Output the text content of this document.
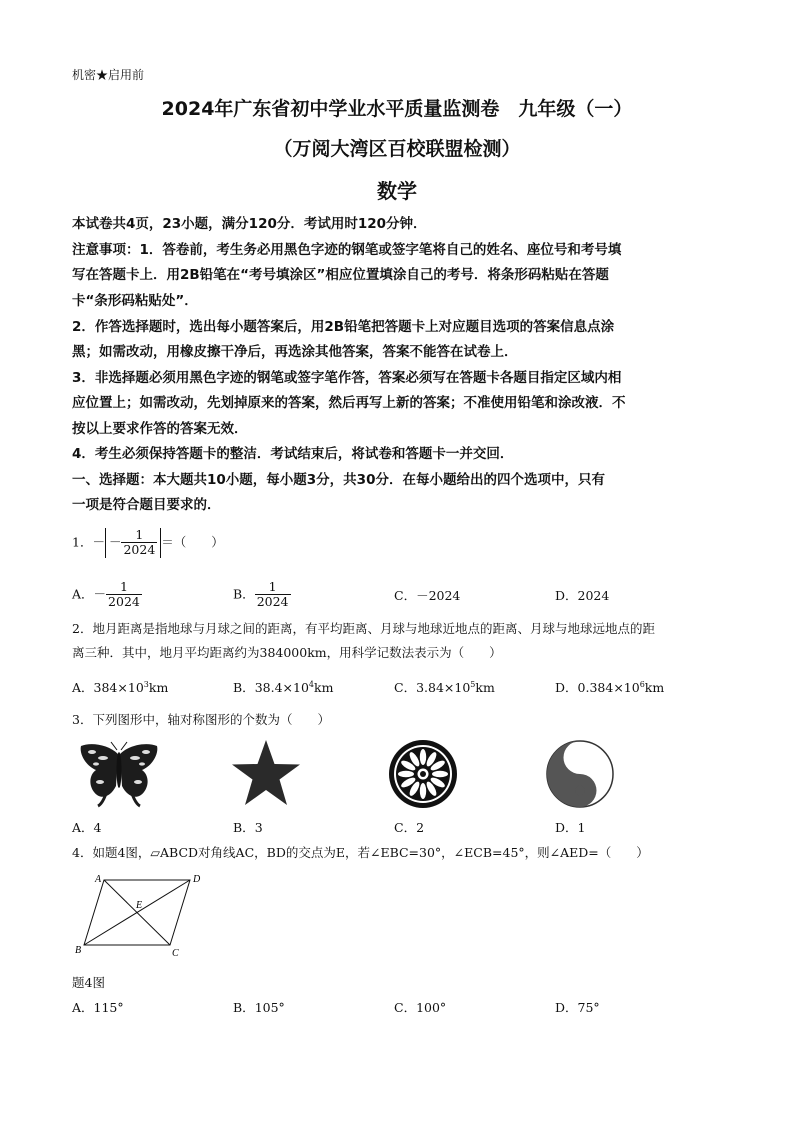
机密★启用前
2024年广东省初中学业水平质量监测卷　九年级（一）
（万阅大湾区百校联盟检测）
数学
本试卷共4页，23小题，满分120分．考试用时120分钟．
注意事项：1．答卷前，考生务必用黑色字迹的钢笔或签字笔将自己的姓名、座位号和考号填
写在答题卡上．用2B铅笔在“考号填涂区”相应位置填涂自己的考号．将条形码粘贴在答题
卡“条形码粘贴处”．
2．作答选择题时，选出每小题答案后，用2B铅笔把答题卡上对应题目选项的答案信息点涂
黑；如需改动，用橡皮擦干净后，再选涂其他答案，答案不能答在试卷上．
3．非选择题必须用黑色字迹的钢笔或签字笔作答，答案必须写在答题卡各题目指定区域内相
应位置上；如需改动，先划掉原来的答案，然后再写上新的答案；不准使用铅笔和涂改液．不
按以上要求作答的答案无效．
4．考生必须保持答题卡的整洁．考试结束后，将试卷和答题卡一并交回．
一、选择题：本大题共10小题，每小题3分，共30分．在每小题给出的四个选项中，只有
一项是符合题目要求的．
1．－ － $\frac{1}{2024}$ ＝（　　）
A．－ $\frac{1}{2024}$	B． $\frac{1}{2024}$	C．－2024	D．2024
2．地月距离是指地球与月球之间的距离，有平均距离、月球与地球近地点的距离、月球与地球远地点的距
离三种．其中，地月平均距离约为384000km，用科学记数法表示为（　　）
A．$384\times 10^3km$	B．$38.4\times 10^4km$	C．$3.84\times 10^5km$	D．$0.384\times 10^6km$
3．下列图形中，轴对称图形的个数为（　　）
A．4	B．3	C．2	D．1
4．如题4图，▱ABCD对角线AC，BD的交点为E，若∠EBC=30°，∠ECB=45°，则∠AED=（　　）
A	D
B	C
E
题4图
A．115°	B．105°	C．100°	D．75°
